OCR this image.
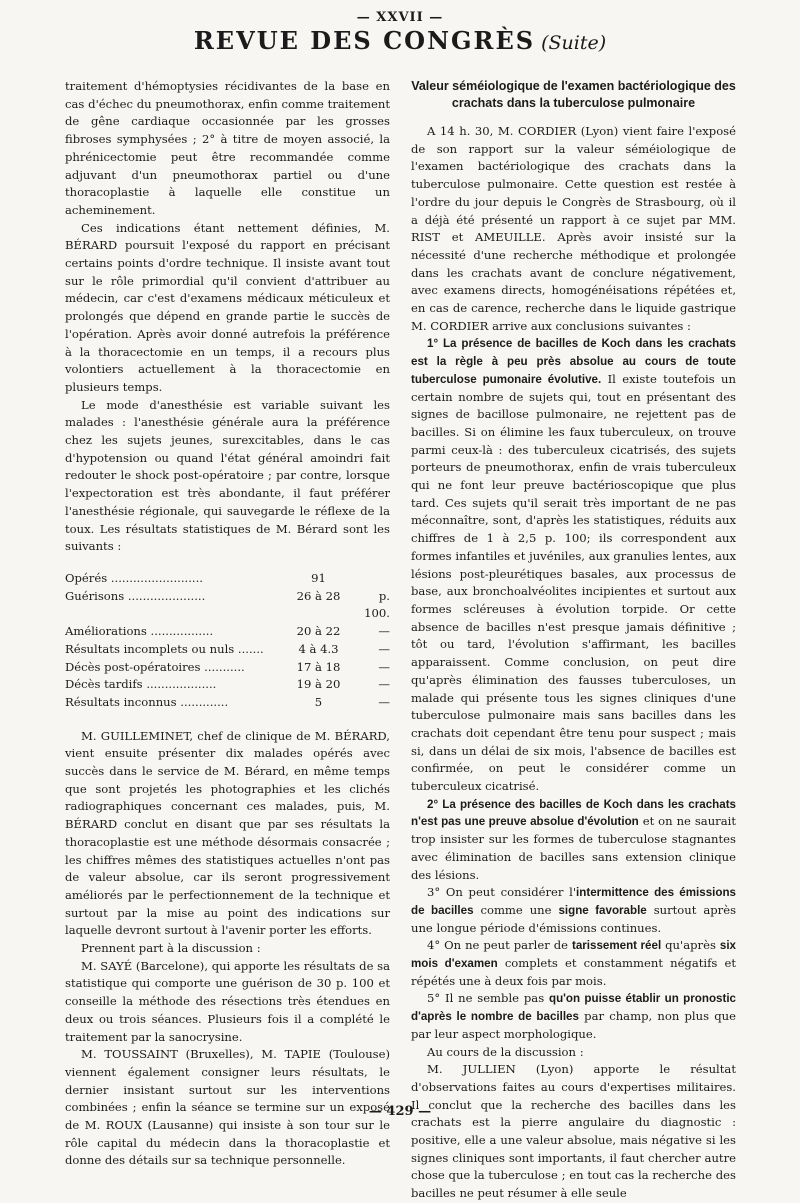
— XXVII —
REVUE DES CONGRÈS (Suite)

traitement d'hémoptysies récidivantes de la base en cas d'échec du pneumothorax, enfin comme traitement de gêne cardiaque occasionnée par les grosses fibroses symphysées ; 2° à titre de moyen associé, la phrénicectomie peut être recommandée comme adjuvant d'un pneumothorax partiel ou d'une thoracoplastie à laquelle elle constitue un acheminement.

Ces indications étant nettement définies, M. BÉRARD poursuit l'exposé du rapport en précisant certains points d'ordre technique. Il insiste avant tout sur le rôle primordial qu'il convient d'attribuer au médecin, car c'est d'examens médicaux méticuleux et prolongés que dépend en grande partie le succès de l'opération. Après avoir donné autrefois la préférence à la thoracectomie en un temps, il a recours plus volontiers actuellement à la thoracectomie en plusieurs temps.

Le mode d'anesthésie est variable suivant les malades : l'anesthésie générale aura la préférence chez les sujets jeunes, surexcitables, dans le cas d'hypotension ou quand l'état général amoindri fait redouter le shock post-opératoire ; par contre, lorsque l'expectoration est très abondante, il faut préférer l'anesthésie régionale, qui sauvegarde le réflexe de la toux. Les résultats statistiques de M. Bérard sont les suivants :

Opérés .........................	91	
Guérisons .....................	26 à 28	p. 100.
Améliorations .................	20 à 22	—
Résultats incomplets ou nuls .......	4 à 4.3	—
Décès post-opératoires ...........	17 à 18	—
Décès tardifs ...................	19 à 20	—
Résultats inconnus .............	5	—

M. GUILLEMINET, chef de clinique de M. BÉRARD, vient ensuite présenter dix malades opérés avec succès dans le service de M. Bérard, en même temps que sont projetés les photographies et les clichés radiographiques concernant ces malades, puis, M. BÉRARD conclut en disant que par ses résultats la thoracoplastie est une méthode désormais consacrée ; les chiffres mêmes des statistiques actuelles n'ont pas de valeur absolue, car ils seront progressivement améliorés par le perfectionnement de la technique et surtout par la mise au point des indications sur laquelle devront surtout à l'avenir porter les efforts.

Prennent part à la discussion :

M. SAYÉ (Barcelone), qui apporte les résultats de sa statistique qui comporte une guérison de 30 p. 100 et conseille la méthode des résections très étendues en deux ou trois séances. Plusieurs fois il a complété le traitement par la sanocrysine.

M. TOUSSAINT (Bruxelles), M. TAPIE (Toulouse) viennent également consigner leurs résultats, le dernier insistant surtout sur les interventions combinées ; enfin la séance se termine sur un exposé de M. ROUX (Lausanne) qui insiste à son tour sur le rôle capital du médecin dans la thoracoplastie et donne des détails sur sa technique personnelle.

Valeur séméiologique de l'examen bactériologique des crachats dans la tuberculose pulmonaire

A 14 h. 30, M. CORDIER (Lyon) vient faire l'exposé de son rapport sur la valeur séméiologique de l'examen bactériologique des crachats dans la tuberculose pulmonaire. Cette question est restée à l'ordre du jour depuis le Congrès de Strasbourg, où il a déjà été présenté un rapport à ce sujet par MM. RIST et AMEUILLE. Après avoir insisté sur la nécessité d'une recherche méthodique et prolongée dans les crachats avant de conclure négativement, avec examens directs, homogénéisations répétées et, en cas de carence, recherche dans le liquide gastrique M. CORDIER arrive aux conclusions suivantes :

1° La présence de bacilles de Koch dans les crachats est la règle à peu près absolue au cours de toute tuberculose pumonaire évolutive. Il existe toutefois un certain nombre de sujets qui, tout en présentant des signes de bacillose pulmonaire, ne rejettent pas de bacilles. Si on élimine les faux tuberculeux, on trouve parmi ceux-là : des tuberculeux cicatrisés, des sujets porteurs de pneumothorax, enfin de vrais tuberculeux qui ne font leur preuve bactérioscopique que plus tard. Ces sujets qu'il serait très important de ne pas méconnaître, sont, d'après les statistiques, réduits aux chiffres de 1 à 2,5 p. 100; ils correspondent aux formes infantiles et juvéniles, aux granulies lentes, aux lésions post-pleurétiques basales, aux processus de base, aux bronchoalvéolites incipientes et surtout aux formes scléreuses à évolution torpide. Or cette absence de bacilles n'est presque jamais définitive ; tôt ou tard, l'évolution s'affirmant, les bacilles apparaissent. Comme conclusion, on peut dire qu'après élimination des fausses tuberculoses, un malade qui présente tous les signes cliniques d'une tuberculose pulmonaire mais sans bacilles dans les crachats doit cependant être tenu pour suspect ; mais si, dans un délai de six mois, l'absence de bacilles est confirmée, on peut le considérer comme un tuberculeux cicatrisé.

2° La présence des bacilles de Koch dans les crachats n'est pas une preuve absolue d'évolution et on ne saurait trop insister sur les formes de tuberculose stagnantes avec élimination de bacilles sans extension clinique des lésions.

3° On peut considérer l'intermittence des émissions de bacilles comme une signe favorable surtout après une longue période d'émissions continues.

4° On ne peut parler de tarissement réel qu'après six mois d'examen complets et constamment négatifs et répétés une à deux fois par mois.

5° Il ne semble pas qu'on puisse établir un pronostic d'après le nombre de bacilles par champ, non plus que par leur aspect morphologique.

Au cours de la discussion :

M. JULLIEN (Lyon) apporte le résultat d'observations faites au cours d'expertises militaires. Il conclut que la recherche des bacilles dans les crachats est la pierre angulaire du diagnostic : positive, elle a une valeur absolue, mais négative si les signes cliniques sont importants, il faut chercher autre chose que la tuberculose ; en tout cas la recherche des bacilles ne peut résumer à elle seule

— 429 —
